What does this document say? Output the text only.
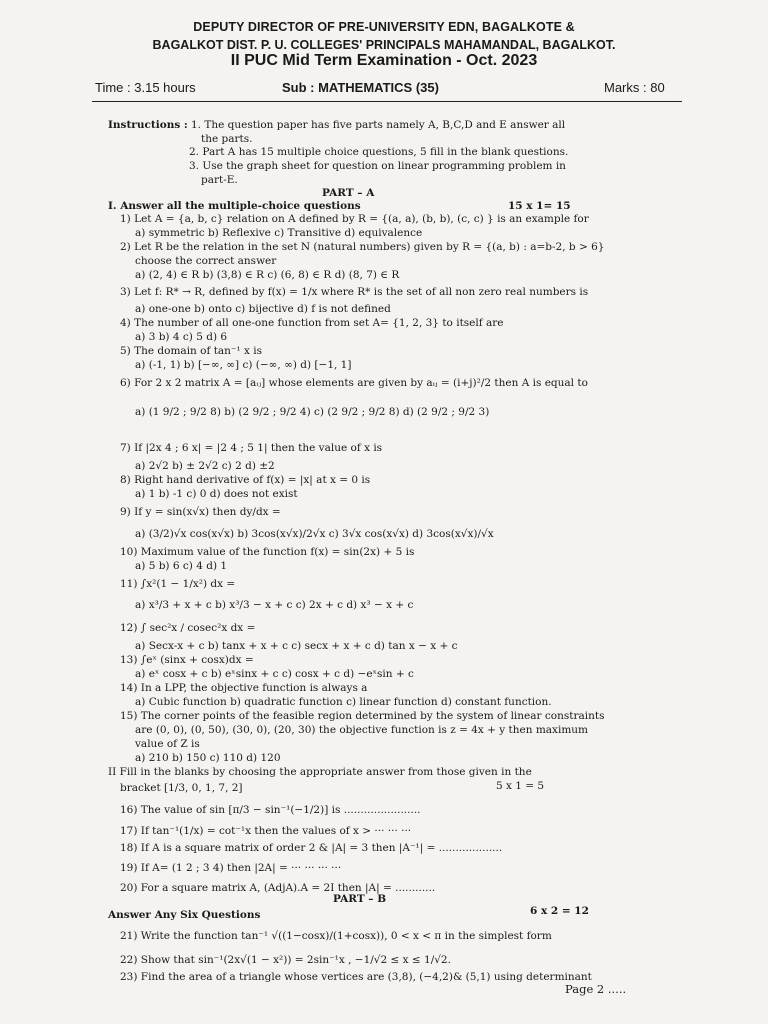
DEPUTY DIRECTOR OF PRE-UNIVERSITY EDN, BAGALKOTE &
BAGALKOT DIST. P. U. COLLEGES' PRINCIPALS MAHAMANDAL, BAGALKOT.
II PUC Mid Term Examination - Oct. 2023
Time : 3.15 hours	Sub : MATHEMATICS (35)	Marks : 80
Instructions : 1. The question paper has five parts namely A, B,C,D and E answer all
the parts.
2. Part A has 15 multiple choice questions, 5 fill in the blank questions.
3. Use the graph sheet for question on linear programming problem in
part-E.
PART – A
I. Answer all the multiple-choice questions	15 x 1= 15
1) Let A = {a, b, c} relation on A defined by R = {(a, a), (b, b), (c, c) } is an example for
a) symmetric b) Reflexive c) Transitive d) equivalence
2) Let R be the relation in the set N (natural numbers) given by R = {(a, b) : a=b-2, b > 6}
choose the correct answer
a) (2, 4) ∈ R b) (3,8) ∈ R c) (6, 8) ∈ R d) (8, 7) ∈ R
3) Let f: R* → R, defined by f(x) = 1/x where R* is the set of all non zero real numbers is
a) one-one b) onto c) bijective d) f is not defined
4) The number of all one-one function from set A= {1, 2, 3} to itself are
a) 3 b) 4 c) 5 d) 6
5) The domain of tan⁻¹ x is
a) (-1, 1) b) [−∞, ∞] c) (−∞, ∞) d) [−1, 1]
6) For 2 x 2 matrix A = [aᵢⱼ] whose elements are given by aᵢⱼ = (i+j)²/2 then A is equal to
a) (1 9/2 ; 9/2 8) b) (2 9/2 ; 9/2 4) c) (2 9/2 ; 9/2 8) d) (2 9/2 ; 9/2 3)
7) If |2x 4 ; 6 x| = |2 4 ; 5 1| then the value of x is
a) 2√2 b) ± 2√2 c) 2 d) ±2
8) Right hand derivative of f(x) = |x| at x = 0 is
a) 1 b) -1 c) 0 d) does not exist
9) If y = sin(x√x) then dy/dx =
a) (3/2)√x cos(x√x) b) 3cos(x√x)/2√x c) 3√x cos(x√x) d) 3cos(x√x)/√x
10) Maximum value of the function f(x) = sin(2x) + 5 is
a) 5 b) 6 c) 4 d) 1
11) ∫x²(1 − 1/x²) dx =
a) x³/3 + x + c b) x³/3 − x + c c) 2x + c d) x³ − x + c
12) ∫ sec²x / cosec²x dx =
a) Secx-x + c b) tanx + x + c c) secx + x + c d) tan x − x + c
13) ∫eˣ (sinx + cosx)dx =
a) eˣ cosx + c b) eˣsinx + c c) cosx + c d) −eˣsin + c
14) In a LPP, the objective function is always a
a) Cubic function b) quadratic function c) linear function d) constant function.
15) The corner points of the feasible region determined by the system of linear constraints
are (0, 0), (0, 50), (30, 0), (20, 30) the objective function is z = 4x + y then maximum
value of Z is
a) 210 b) 150 c) 110 d) 120
II Fill in the blanks by choosing the appropriate answer from those given in the
bracket [1/3, 0, 1, 7, 2]	5 x 1 = 5
16) The value of sin [π/3 − sin⁻¹(−1/2)] is .......................
17) If tan⁻¹(1/x) = cot⁻¹x then the values of x > ··· ··· ···
18) If A is a square matrix of order 2 & |A| = 3 then |A⁻¹| = ...................
19) If A= (1 2 ; 3 4) then |2A| = ··· ··· ··· ···
20) For a square matrix A, (AdjA).A = 2I then |A| = ............
PART – B
Answer Any Six Questions	6 x 2 = 12
21) Write the function tan⁻¹ √((1−cosx)/(1+cosx)), 0 < x < π in the simplest form
22) Show that sin⁻¹(2x√(1 − x²)) = 2sin⁻¹x , −1/√2 ≤ x ≤ 1/√2.
23) Find the area of a triangle whose vertices are (3,8), (−4,2)& (5,1) using determinant
Page 2 .....
